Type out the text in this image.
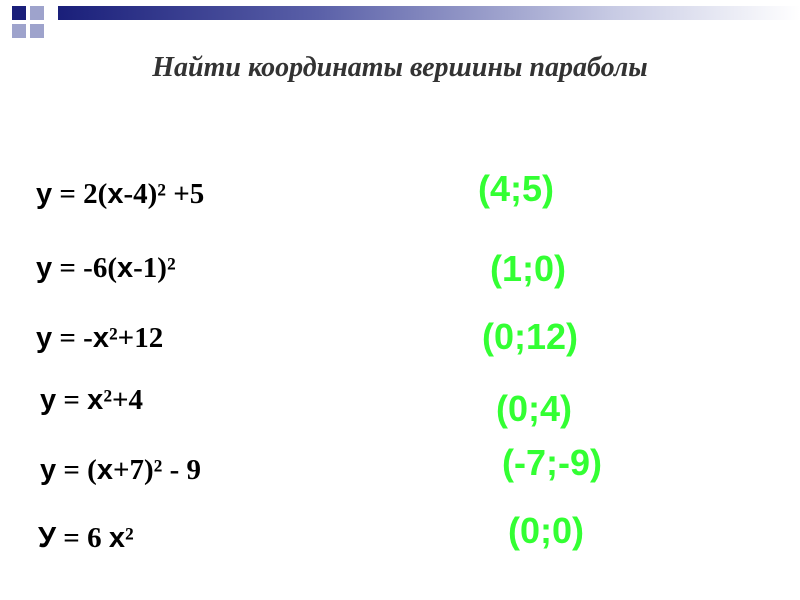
Найти координаты вершины параболы
у = 2(х-4)² +5	(4;5)
у = -6(х-1)²	(1;0)
у = -х²+12	(0;12)
у = х²+4	(0;4)
у = (х+7)² - 9	(-7;-9)
У = 6 х²	(0;0)
